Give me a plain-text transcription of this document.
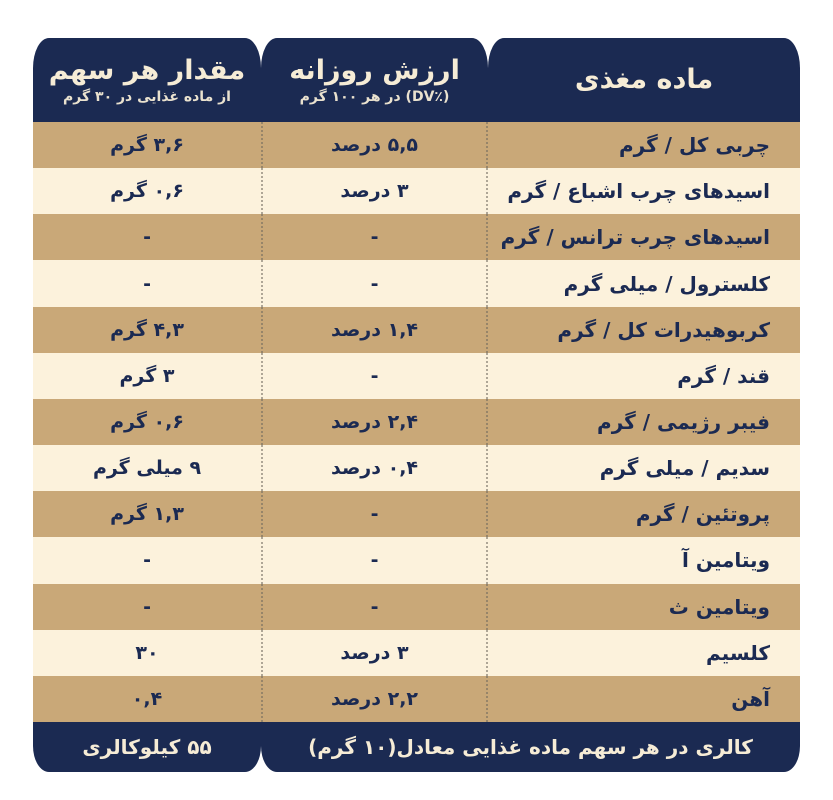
ماده مغذی
ارزش روزانه
(٪DV) در هر ۱۰۰ گرم
مقدار هر سهم
از ماده غذایی در ۳۰ گرم
چربی کل / گرم
۵,۵ درصد
۳,۶ گرم
اسیدهای چرب اشباع / گرم
۳ درصد
۰,۶ گرم
اسیدهای چرب ترانس / گرم
-
-
کلسترول / میلی گرم
-
-
کربوهیدرات کل / گرم
۱,۴ درصد
۴,۳ گرم
قند / گرم
-
۳ گرم
فیبر رژیمی / گرم
۲,۴ درصد
۰,۶ گرم
سدیم / میلی گرم
۰,۴ درصد
۹ میلی گرم
پروتئین / گرم
-
۱,۳ گرم
ویتامین آ
-
-
ویتامین ث
-
-
کلسیم
۳ درصد
۳۰
آهن
۲,۲ درصد
۰,۴
کالری در هر سهم ماده غذایی معادل(۱۰ گرم)
۵۵ کیلوکالری
